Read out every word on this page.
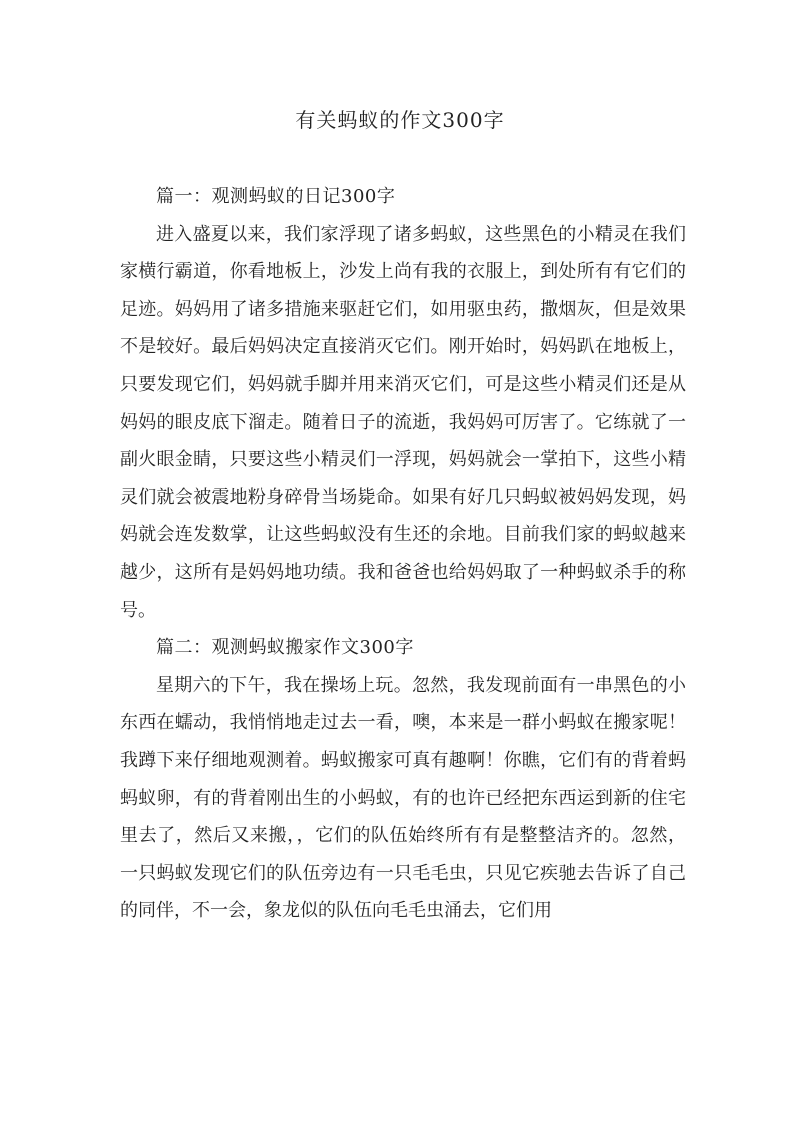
有关蚂蚁的作文300字

篇一：观测蚂蚁的日记300字

进入盛夏以来，我们家浮现了诸多蚂蚁，这些黑色的小精灵在我们家横行霸道，你看地板上，沙发上尚有我的衣服上，到处所有有它们的足迹。妈妈用了诸多措施来驱赶它们，如用驱虫药，撒烟灰，但是效果不是较好。最后妈妈决定直接消灭它们。刚开始时，妈妈趴在地板上，只要发现它们，妈妈就手脚并用来消灭它们，可是这些小精灵们还是从妈妈的眼皮底下溜走。随着日子的流逝，我妈妈可厉害了。它练就了一副火眼金睛，只要这些小精灵们一浮现，妈妈就会一掌拍下，这些小精灵们就会被震地粉身碎骨当场毙命。如果有好几只蚂蚁被妈妈发现，妈妈就会连发数掌，让这些蚂蚁没有生还的余地。目前我们家的蚂蚁越来越少，这所有是妈妈地功绩。我和爸爸也给妈妈取了一种蚂蚁杀手的称号。

篇二：观测蚂蚁搬家作文300字

星期六的下午，我在操场上玩。忽然，我发现前面有一串黑色的小东西在蠕动，我悄悄地走过去一看，噢，本来是一群小蚂蚁在搬家呢！我蹲下来仔细地观测着。蚂蚁搬家可真有趣啊！你瞧，它们有的背着蚂蚂蚁卵，有的背着刚出生的小蚂蚁，有的也许已经把东西运到新的住宅里去了，然后又来搬，，它们的队伍始终所有有是整整洁齐的。忽然，一只蚂蚁发现它们的队伍旁边有一只毛毛虫，只见它疾驰去告诉了自己的同伴，不一会，象龙似的队伍向毛毛虫涌去，它们用
